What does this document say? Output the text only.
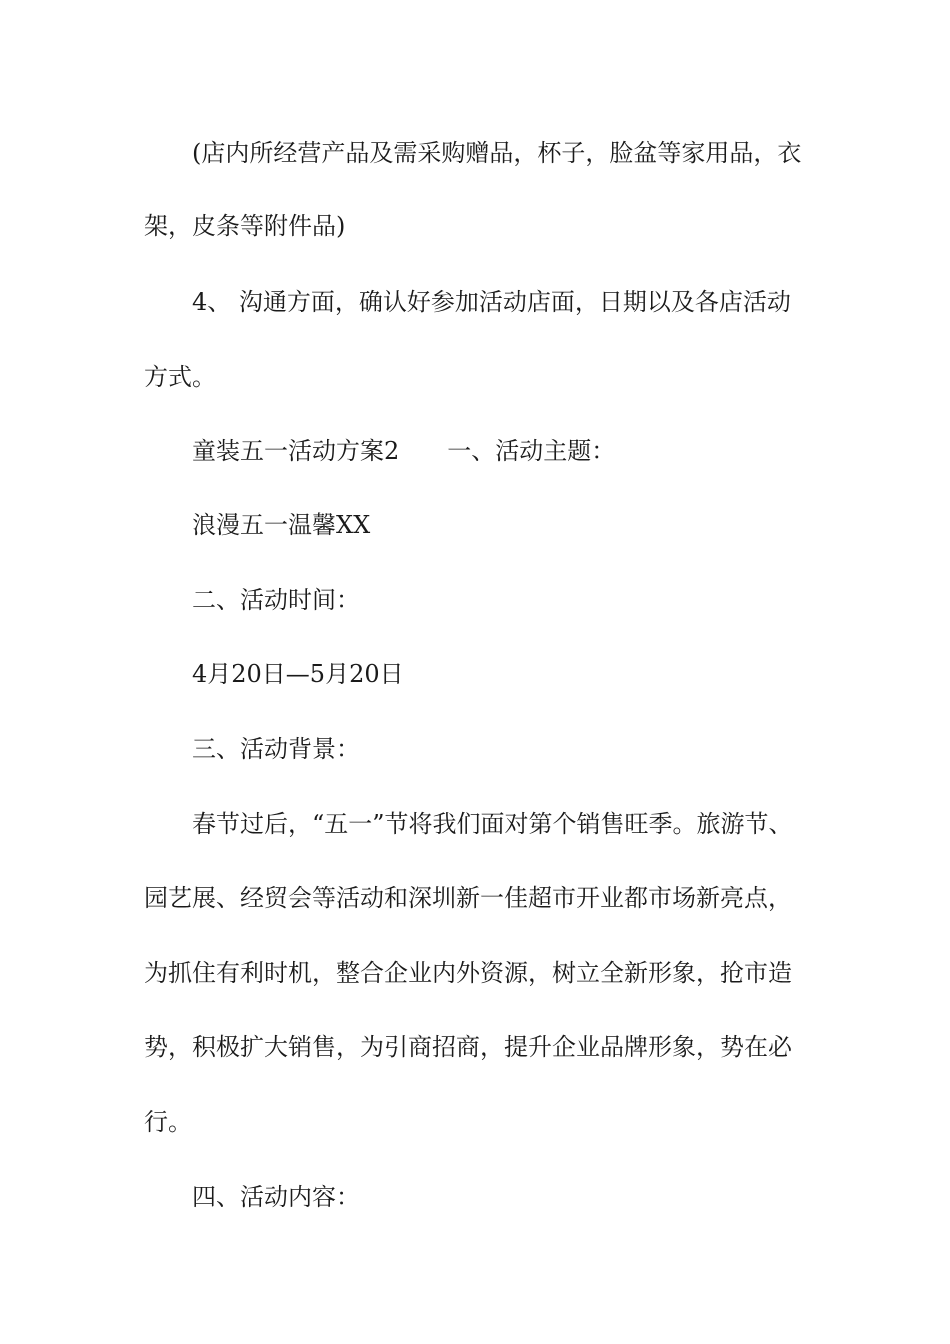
(店内所经营产品及需采购赠品，杯子，脸盆等家用品，衣

架，皮条等附件品)

4、 沟通方面，确认好参加活动店面，日期以及各店活动

方式。

童装五一活动方案2 一、活动主题：

浪漫五一温馨XX

二、活动时间：

4月20日—5月20日

三、活动背景：

春节过后，“五一”节将我们面对第个销售旺季。旅游节、

园艺展、经贸会等活动和深圳新一佳超市开业都市场新亮点，

为抓住有利时机，整合企业内外资源，树立全新形象，抢市造

势，积极扩大销售，为引商招商，提升企业品牌形象，势在必

行。

四、活动内容：
